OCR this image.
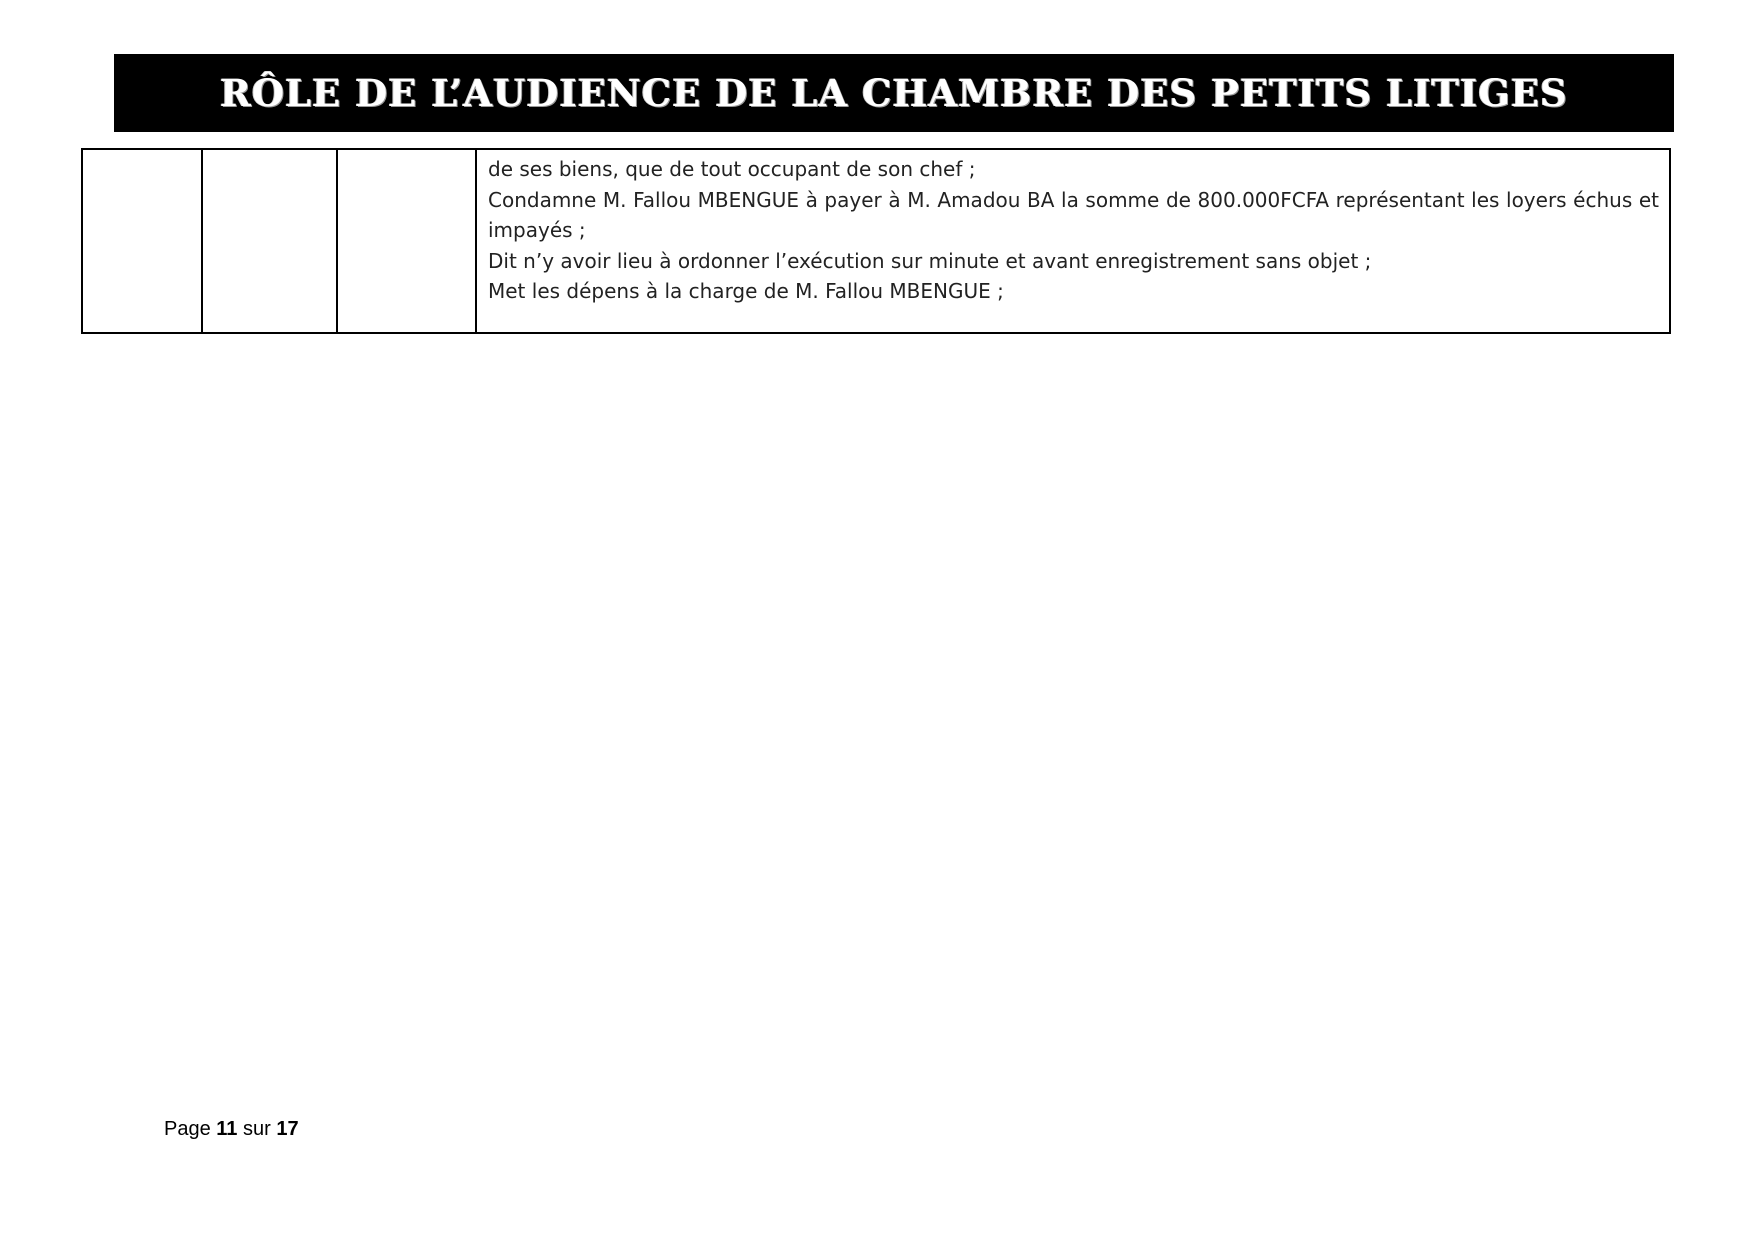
RÔLE DE L’AUDIENCE DE LA CHAMBRE DES PETITS LITIGES

de ses biens, que de tout occupant de son chef ;
Condamne M. Fallou MBENGUE à payer à M. Amadou BA la somme de 800.000FCFA représentant les loyers échus et impayés ;
Dit n’y avoir lieu à ordonner l’exécution sur minute et avant enregistrement sans objet ;
Met les dépens à la charge de M. Fallou MBENGUE ;
Page 11 sur 17
